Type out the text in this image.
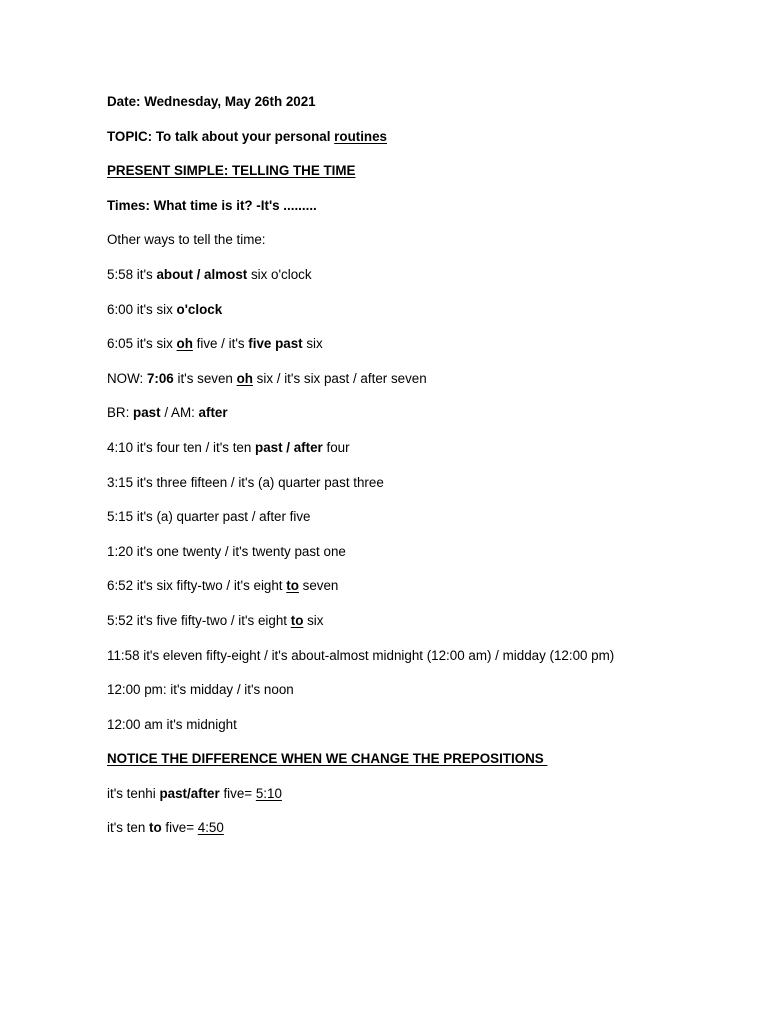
Date: Wednesday, May 26th 2021
TOPIC: To talk about your personal routines
PRESENT SIMPLE: TELLING THE TIME
Times: What time is it? -It's .........
Other ways to tell the time:
5:58 it's about / almost six o'clock
6:00 it's six o'clock
6:05 it's six oh five / it's five past six
NOW: 7:06 it's seven oh six / it's six past / after seven
BR: past / AM: after
4:10 it's four ten / it's ten past / after four
3:15 it's three fifteen / it's (a) quarter past three
5:15 it's (a) quarter past / after five
1:20 it's one twenty / it's twenty past one
6:52 it's six fifty-two / it's eight to seven
5:52 it's five fifty-two / it's eight to six
11:58 it's eleven fifty-eight / it's about-almost midnight (12:00 am) / midday (12:00 pm)
12:00 pm: it's midday / it's noon
12:00 am it's midnight
NOTICE THE DIFFERENCE WHEN WE CHANGE THE PREPOSITIONS
it's tenhi past/after five= 5:10
it's ten to five= 4:50
